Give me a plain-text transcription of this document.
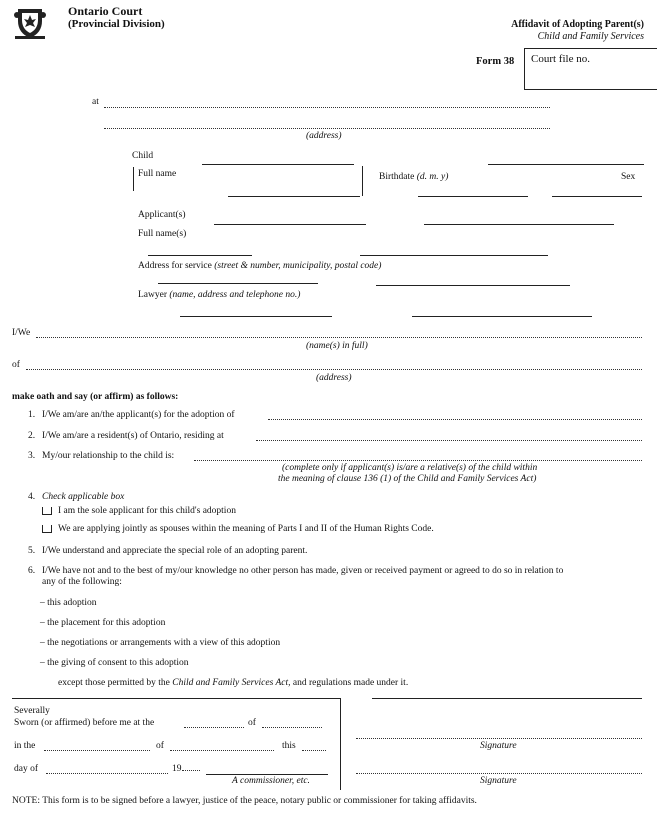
Ontario Court
(Provincial Division)	Affidavit of Adopting Parent(s)
Child and Family Services
Form 38 Court file no.
at
(address)
Child
Full name	Birthdate (d. m. y)	Sex
Applicant(s)
Full name(s)
Address for service (street & number, municipality, postal code)
Lawyer (name, address and telephone no.)
I/We
(name(s) in full)
of
(address)
make oath and say (or affirm) as follows:
1. I/We am/are an/the applicant(s) for the adoption of
2. I/We am/are a resident(s) of Ontario, residing at
3. My/our relationship to the child is:
(complete only if applicant(s) is/are a relative(s) of the child within
the meaning of clause 136 (1) of the Child and Family Services Act)
4. Check applicable box
I am the sole applicant for this child's adoption
We are applying jointly as spouses within the meaning of Parts I and II of the Human Rights Code.
5. I/We understand and appreciate the special role of an adopting parent.
6. I/We have not and to the best of my/our knowledge no other person has made, given or received payment or agreed to do so in relation to
any of the following:
– this adoption
– the placement for this adoption
– the negotiations or arrangements with a view of this adoption
– the giving of consent to this adoption
except those permitted by the Child and Family Services Act, and regulations made under it.
Severally
Sworn (or affirmed) before me at the	of
in the	of	this
day of	19
A commissioner, etc.
Signature
Signature
NOTE: This form is to be signed before a lawyer, justice of the peace, notary public or commissioner for taking affidavits.
